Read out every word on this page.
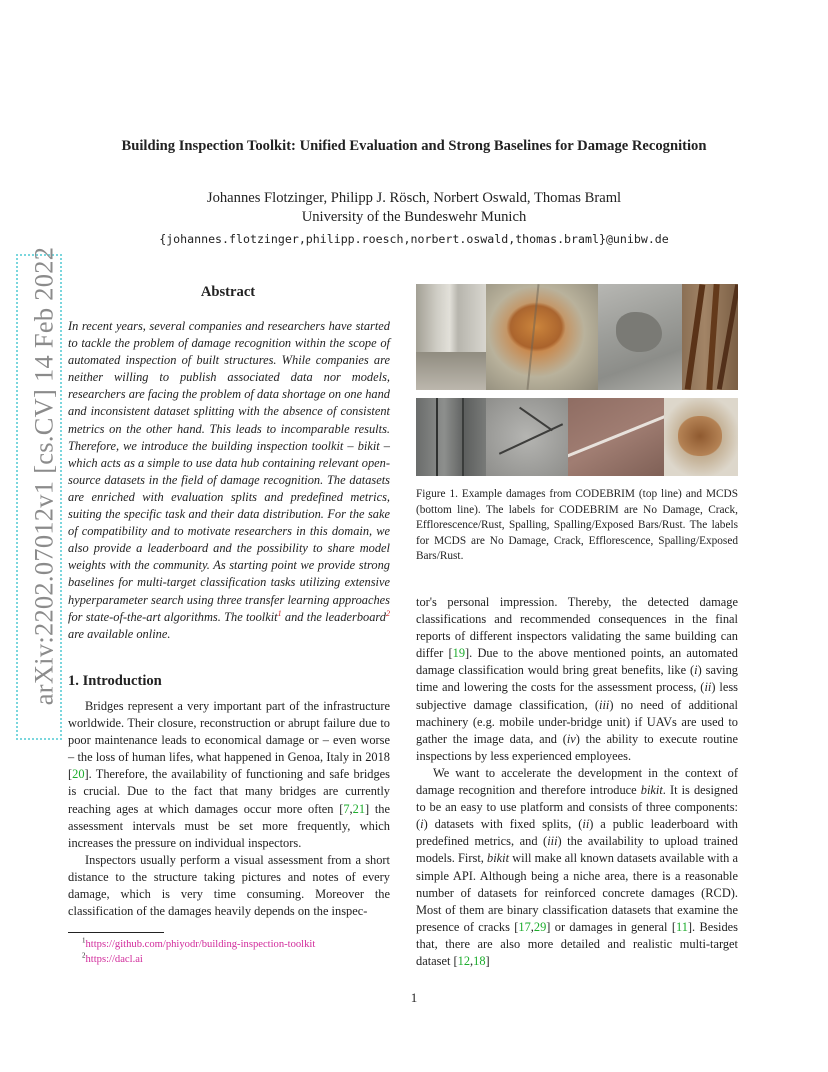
Building Inspection Toolkit: Unified Evaluation and Strong Baselines for Damage Recognition
Johannes Flotzinger, Philipp J. Rösch, Norbert Oswald, Thomas Braml
University of the Bundeswehr Munich
{johannes.flotzinger,philipp.roesch,norbert.oswald,thomas.braml}@unibw.de
arXiv:2202.07012v1 [cs.CV] 14 Feb 2022	Abstract
In recent years, several companies and researchers have started to tackle the problem of damage recognition within the scope of automated inspection of built structures. While companies are neither willing to publish associated data nor models, researchers are facing the problem of data shortage on one hand and inconsistent dataset splitting with the absence of consistent metrics on the other hand. This leads to incomparable results. Therefore, we introduce the building inspection toolkit – bikit – which acts as a simple to use data hub containing relevant open-source datasets in the field of damage recognition. The datasets are enriched with evaluation splits and predefined metrics, suiting the specific task and their data distribution. For the sake of compatibility and to motivate researchers in this domain, we also provide a leaderboard and the possibility to share model weights with the community. As starting point we provide strong baselines for multi-target classification tasks utilizing extensive hyperparameter search using three transfer learning approaches for state-of-the-art algorithms. The toolkit$^1$ and the leaderboard$^2$ are available online.
1. Introduction

Bridges represent a very important part of the infrastructure worldwide. Their closure, reconstruction or abrupt failure due to poor maintenance leads to economical damage or – even worse – the loss of human lifes, what happened in Genoa, Italy in 2018 [20]. Therefore, the availability of functioning and safe bridges is crucial. Due to the fact that many bridges are currently reaching ages at which damages occur more often [7,21] the assessment intervals must be set more frequently, which increases the pressure on individual inspectors.

Inspectors usually perform a visual assessment from a short distance to the structure taking pictures and notes of every damage, which is very time consuming. Moreover the classification of the damages heavily depends on the inspec-

Figure 1. Example damages from CODEBRIM (top line) and MCDS (bottom line). The labels for CODEBRIM are No Damage, Crack, Efflorescence/Rust, Spalling, Spalling/Exposed Bars/Rust. The labels for MCDS are No Damage, Crack, Efflorescence, Spalling/Exposed Bars/Rust.

tor's personal impression. Thereby, the detected damage classifications and recommended consequences in the final reports of different inspectors validating the same building can differ [19]. Due to the above mentioned points, an automated damage classification would bring great benefits, like (i) saving time and lowering the costs for the assessment process, (ii) less subjective damage classification, (iii) no need of additional machinery (e.g. mobile under-bridge unit) if UAVs are used to gather the image data, and (iv) the ability to execute routine inspections by less experienced employees.

We want to accelerate the development in the context of damage recognition and therefore introduce bikit. It is designed to be an easy to use platform and consists of three components: (i) datasets with fixed splits, (ii) a public leaderboard with predefined metrics, and (iii) the availability to upload trained models. First, bikit will make all known datasets available with a simple API. Although being a niche area, there is a reasonable number of datasets for reinforced concrete damages (RCD). Most of them are binary classification datasets that examine the presence of cracks [17,29] or damages in general [11]. Besides that, there are also more detailed and realistic multi-target dataset [12,18]

$^1$https://github.com/phiyodr/building-inspection-toolkit
$^2$https://dacl.ai
1
